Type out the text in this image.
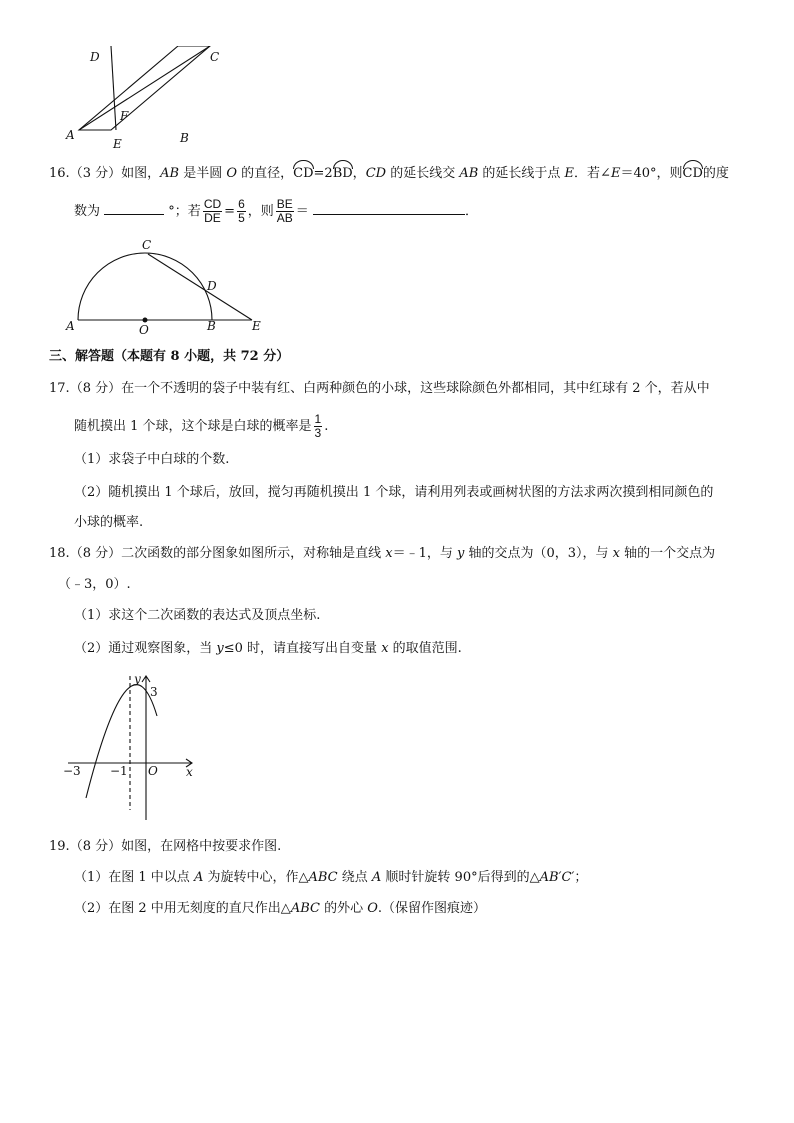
D	C
F
A	B
E
16.（3 分）如图，AB 是半圆 O 的直径，CD=2BD，CD 的延长线交 AB 的延长线于点 E．若∠E＝40°，则CD的度
数为	°；若 $\frac{CD}{DE} = \frac{6}{5}$ ，则 $\frac{BE}{AB}$ ＝	．
C
D
A	O	B	E
三、解答题（本题有 8 小题，共 72 分）
17.（8 分）在一个不透明的袋子中装有红、白两种颜色的小球，这些球除颜色外都相同，其中红球有 2 个，若从中
随机摸出 1 个球，这个球是白球的概率是 $\frac{1}{3}$ .
（1）求袋子中白球的个数.
（2）随机摸出 1 个球后，放回，搅匀再随机摸出 1 个球，请利用列表或画树状图的方法求两次摸到相同颜色的
小球的概率.
18.（8 分）二次函数的部分图象如图所示，对称轴是直线 x＝﹣1，与 y 轴的交点为（0，3），与 x 轴的一个交点为
（﹣3，0）.
（1）求这个二次函数的表达式及顶点坐标.
（2）通过观察图象，当 y≤0 时，请直接写出自变量 x 的取值范围.
y
3
−3 −1 O x
19.（8 分）如图，在网格中按要求作图.
（1）在图 1 中以点 A 为旋转中心，作△ABC 绕点 A 顺时针旋转 90°后得到的△AB′C′；
（2）在图 2 中用无刻度的直尺作出△ABC 的外心 O.（保留作图痕迹）
